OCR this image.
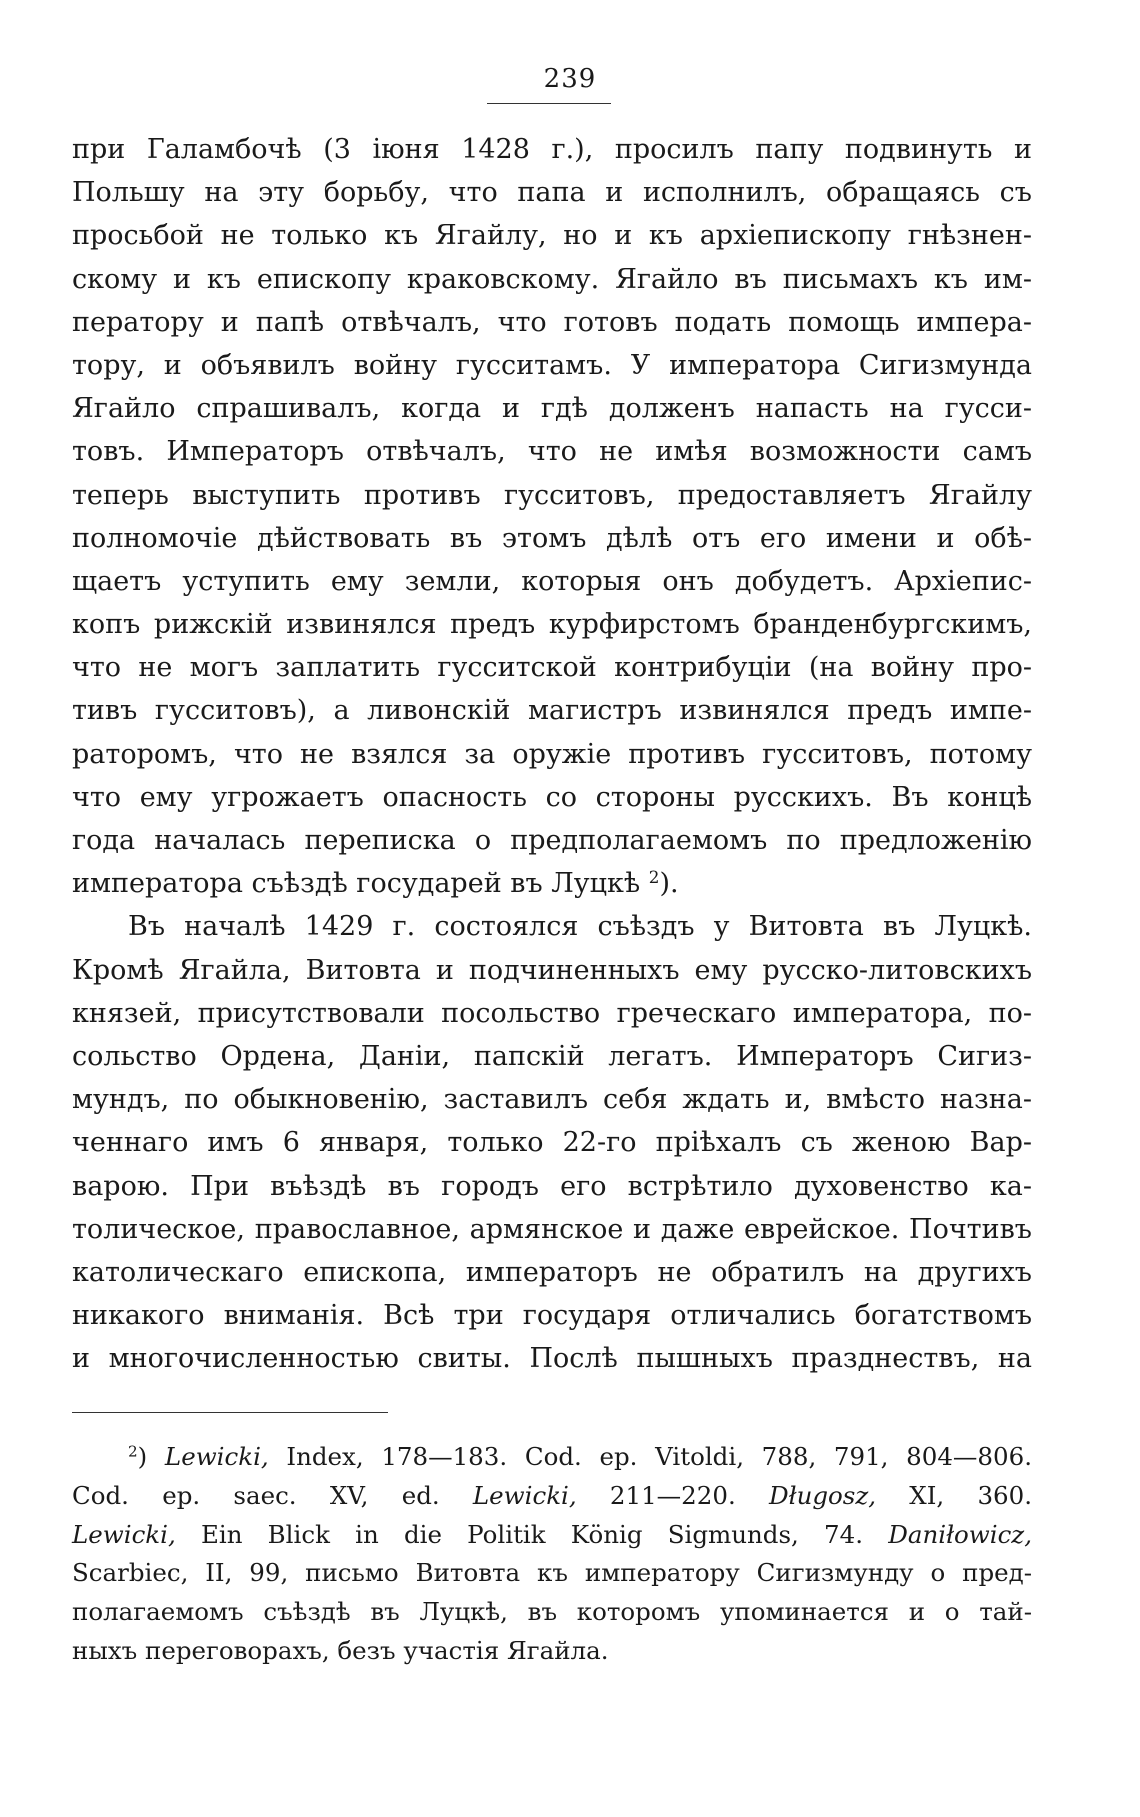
239
при Галамбочѣ (3 іюня 1428 г.), просилъ папу подвинуть и
Польшу на эту борьбу, что папа и исполнилъ, обращаясь съ
просьбой не только къ Ягайлу, но и къ архіепископу гнѣзнен-
скому и къ епископу краковскому. Ягайло въ письмахъ къ им-
ператору и папѣ отвѣчалъ, что готовъ подать помощь импера-
тору, и объявилъ войну гусситамъ. У императора Сигизмунда
Ягайло спрашивалъ, когда и гдѣ долженъ напасть на гусси-
товъ. Императоръ отвѣчалъ, что не имѣя возможности самъ
теперь выступить противъ гусситовъ, предоставляетъ Ягайлу
полномочіе дѣйствовать въ этомъ дѣлѣ отъ его имени и обѣ-
щаетъ уступить ему земли, которыя онъ добудетъ. Архіепис-
копъ рижскій извинялся предъ курфирстомъ бранденбургскимъ,
что не могъ заплатить гусситской контрибуціи (на войну про-
тивъ гусситовъ), а ливонскій магистръ извинялся предъ импе-
раторомъ, что не взялся за оружіе противъ гусситовъ, потому
что ему угрожаетъ опасность со стороны русскихъ. Въ концѣ
года началась переписка о предполагаемомъ по предложенію
императора съѣздѣ государей въ Луцкѣ $^2$).
Въ началѣ 1429 г. состоялся съѣздъ у Витовта въ Луцкѣ.
Кромѣ Ягайла, Витовта и подчиненныхъ ему русско-литовскихъ
князей, присутствовали посольство греческаго императора, по-
сольство Ордена, Даніи, папскій легатъ. Императоръ Сигиз-
мундъ, по обыкновенію, заставилъ себя ждать и, вмѣсто назна-
ченнаго имъ 6 января, только 22-го пріѣхалъ съ женою Вар-
варою. При въѣздѣ въ городъ его встрѣтило духовенство ка-
толическое, православное, армянское и даже еврейское. Почтивъ
католическаго епископа, императоръ не обратилъ на другихъ
никакого вниманія. Всѣ три государя отличались богатствомъ
и многочисленностью свиты. Послѣ пышныхъ празднествъ, на
$^2$) Lewicki, Index, 178—183. Cod. ep. Vitoldi, 788, 791, 804—806.
Cod. ep. saec. XV, ed. Lewicki, 211—220. Długosz, XI, 360.
Lewicki, Ein Blick in die Politik König Sigmunds, 74. Daniłowicz,
Scarbiec, II, 99, письмо Витовта къ императору Сигизмунду о пред-
полагаемомъ съѣздѣ въ Луцкѣ, въ которомъ упоминается и о тай-
ныхъ переговорахъ, безъ участія Ягайла.
